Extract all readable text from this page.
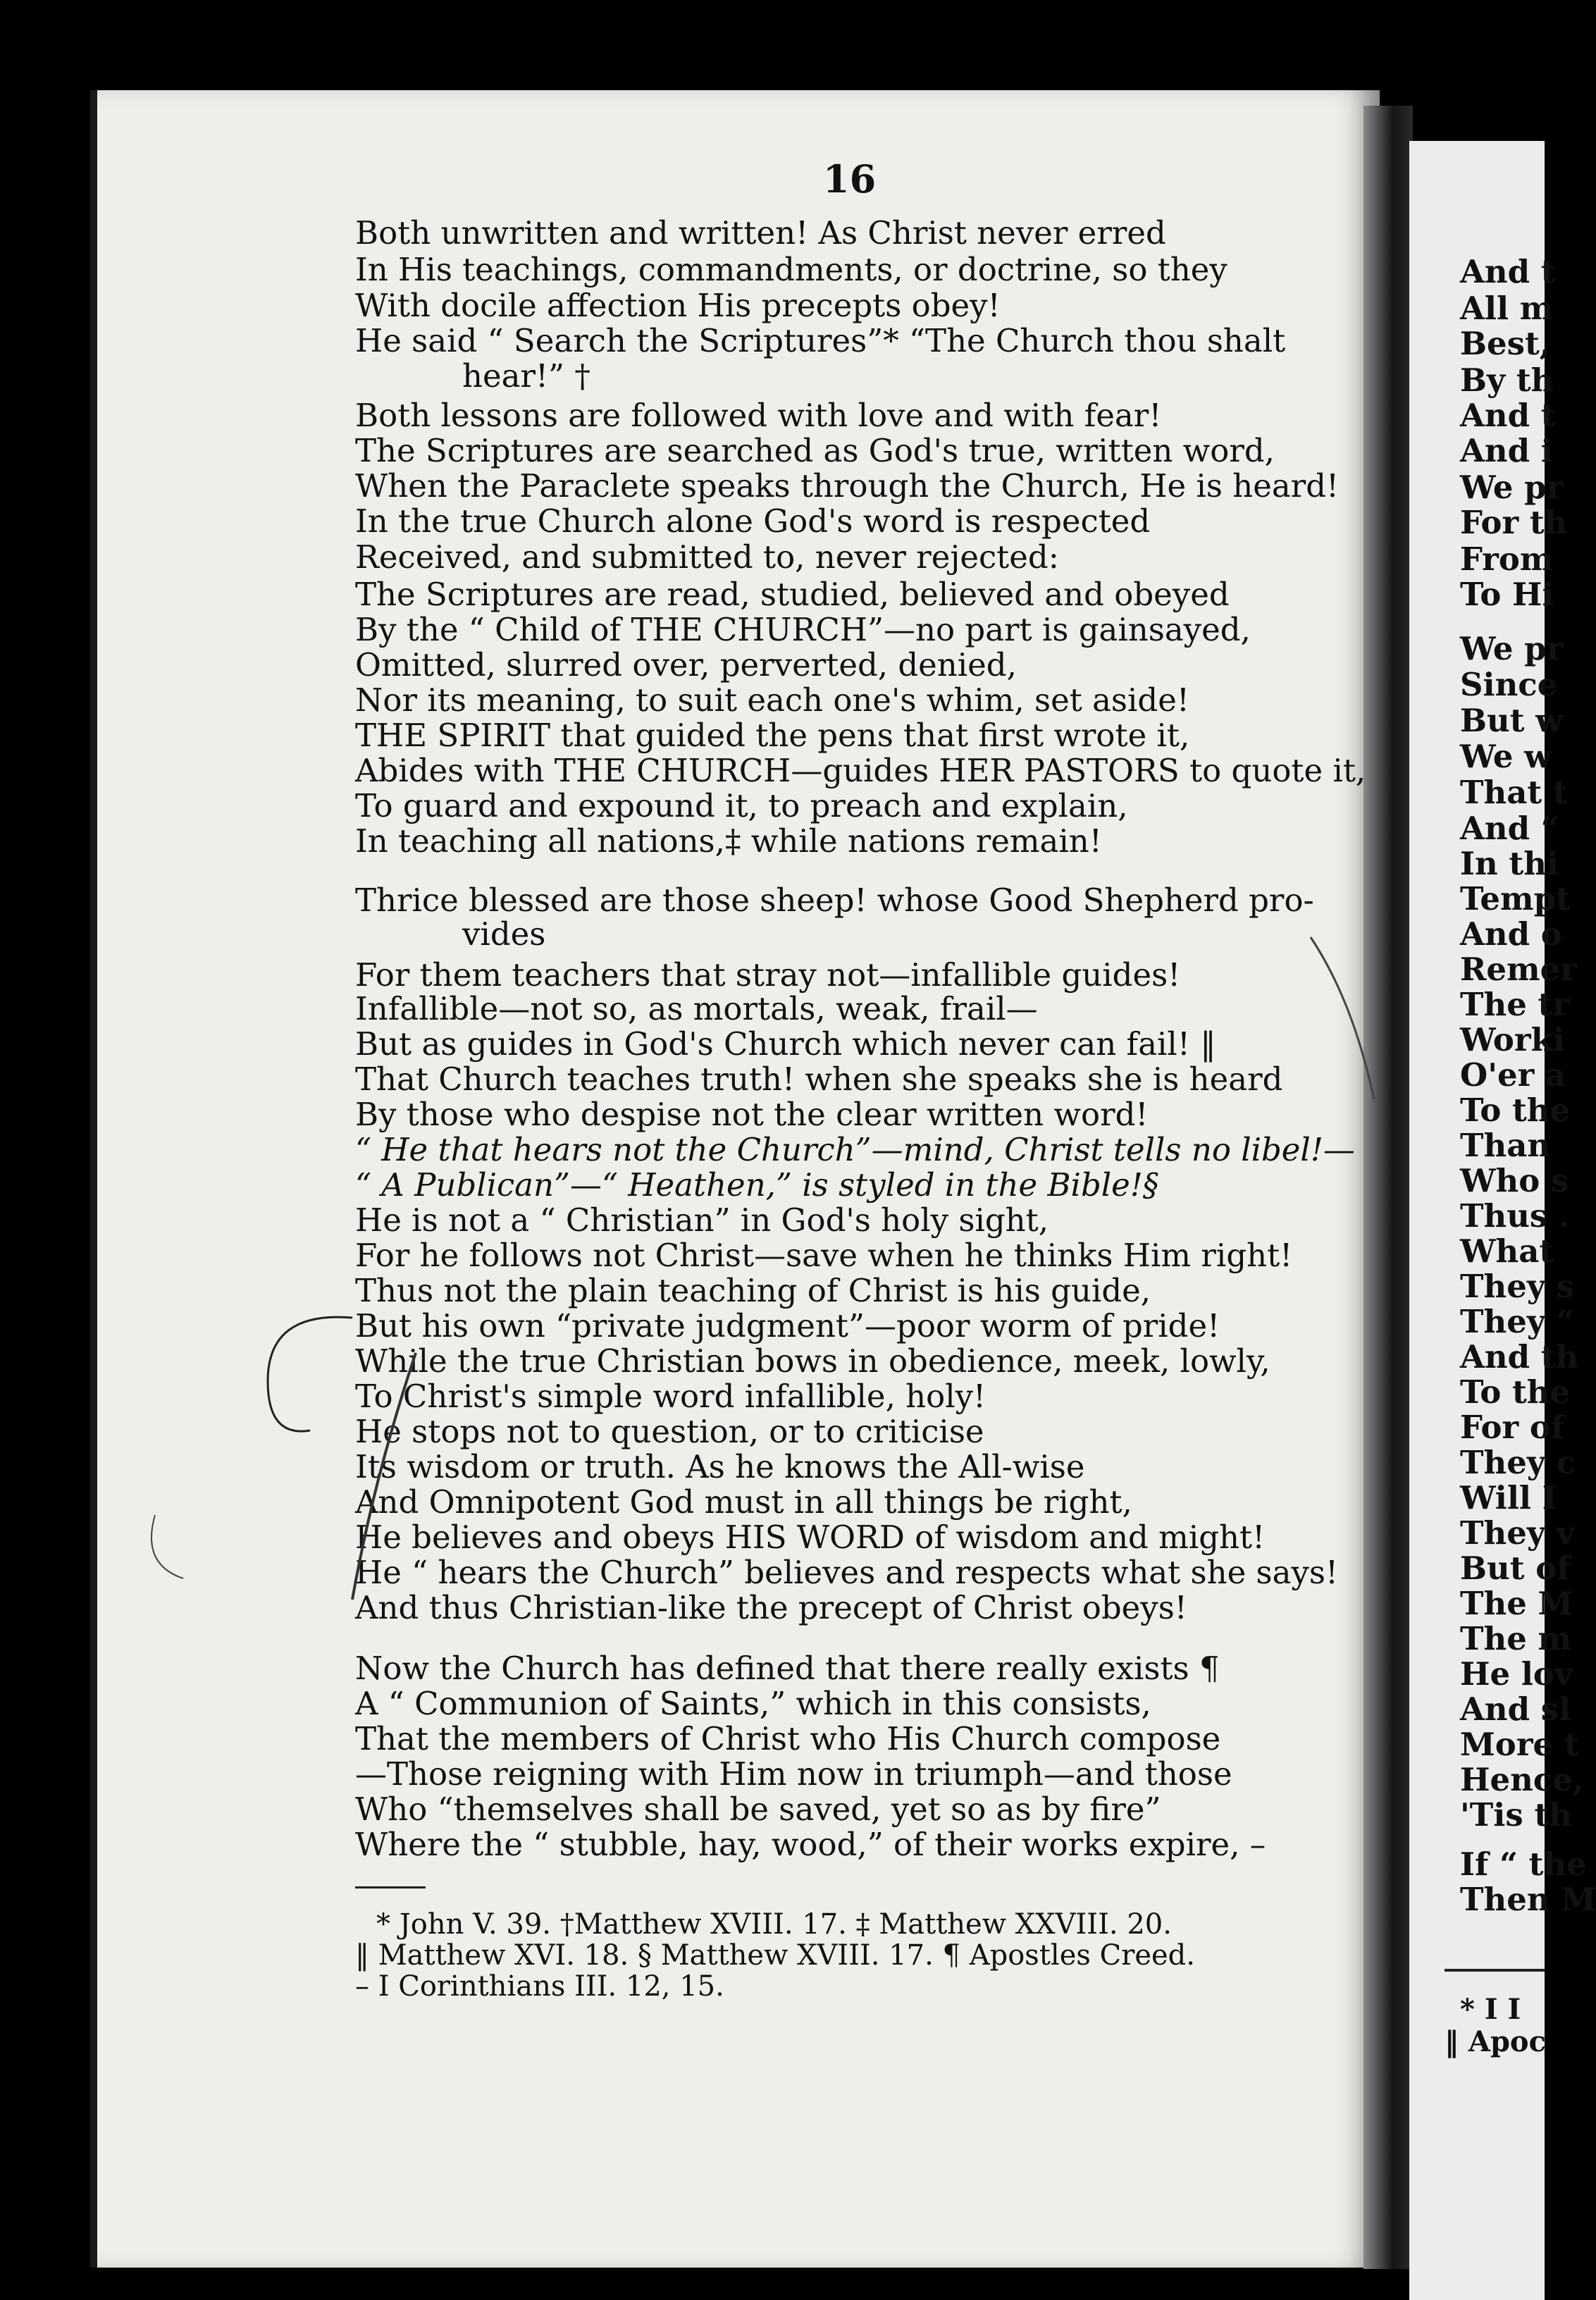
16
Both unwritten and written! As Christ never erred
In His teachings, commandments, or doctrine, so they
With docile affection His precepts obey!
He said “ Search the Scriptures”* “The Church thou shalt
hear!” †
Both lessons are followed with love and with fear!
The Scriptures are searched as God's true, written word,
When the Paraclete speaks through the Church, He is heard!
In the true Church alone God's word is respected
Received, and submitted to, never rejected:
The Scriptures are read, studied, believed and obeyed
By the “ Child of THE CHURCH”—no part is gainsayed,
Omitted, slurred over, perverted, denied,
Nor its meaning, to suit each one's whim, set aside!
THE SPIRIT that guided the pens that first wrote it,
Abides with THE CHURCH—guides HER PASTORS to quote it,
To guard and expound it, to preach and explain,
In teaching all nations,‡ while nations remain!
Thrice blessed are those sheep! whose Good Shepherd pro-
vides
For them teachers that stray not—infallible guides!
Infallible—not so, as mortals, weak, frail—
But as guides in God's Church which never can fail! ‖
That Church teaches truth! when she speaks she is heard
By those who despise not the clear written word!
“ He that hears not the Church”—mind, Christ tells no libel!—
“ A Publican”—“ Heathen,” is styled in the Bible!§
He is not a “ Christian” in God's holy sight,
For he follows not Christ—save when he thinks Him right!
Thus not the plain teaching of Christ is his guide,
But his own “private judgment”—poor worm of pride!
While the true Christian bows in obedience, meek, lowly,
To Christ's simple word infallible, holy!
He stops not to question, or to criticise
Its wisdom or truth. As he knows the All-wise
And Omnipotent God must in all things be right,
He believes and obeys HIS WORD of wisdom and might!
He “ hears the Church” believes and respects what she says!
And thus Christian-like the precept of Christ obeys!
Now the Church has defined that there really exists ¶
A “ Communion of Saints,” which in this consists,
That the members of Christ who His Church compose
—Those reigning with Him now in triumph—and those
Who “themselves shall be saved, yet so as by fire”
Where the “ stubble, hay, wood,” of their works expire, –
* John V. 39. †Matthew XVIII. 17. ‡ Matthew XXVIII. 20.
‖ Matthew XVI. 18. § Matthew XVIII. 17. ¶ Apostles Creed.
– I Corinthians III. 12, 15.
And t
All m
Best,
By th
And t
And i
We pr
For th
From
To Hi
We pr
Since
But w
We w
That t
And “
In thi
Tempt
And o
Remer
The tr
Worki
O'er a
To the
Than
Who s
Thus .
What
They s
They “
And th
To the
For of
They c
Will I
They v
But of
The M
The m
He lov
And sl
More t
Hence,
'Tis th
If “ the
Then M
* I I
‖ Apoc
